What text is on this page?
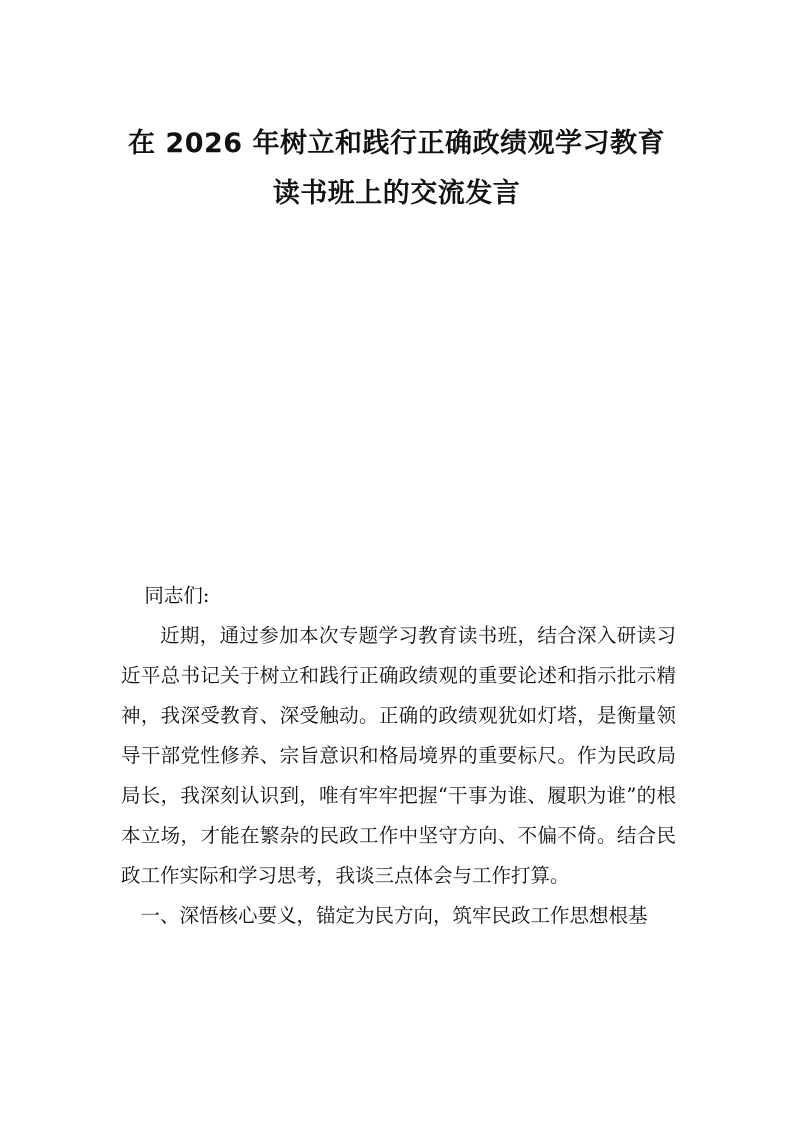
在 2026 年树立和践行正确政绩观学习教育
读书班上的交流发言

同志们:

近期，通过参加本次专题学习教育读书班，结合深入研读习近平总书记关于树立和践行正确政绩观的重要论述和指示批示精神，我深受教育、深受触动。正确的政绩观犹如灯塔，是衡量领导干部党性修养、宗旨意识和格局境界的重要标尺。作为民政局局长，我深刻认识到，唯有牢牢把握“干事为谁、履职为谁”的根本立场，才能在繁杂的民政工作中坚守方向、不偏不倚。结合民政工作实际和学习思考，我谈三点体会与工作打算。

一、深悟核心要义，锚定为民方向，筑牢民政工作思想根基
